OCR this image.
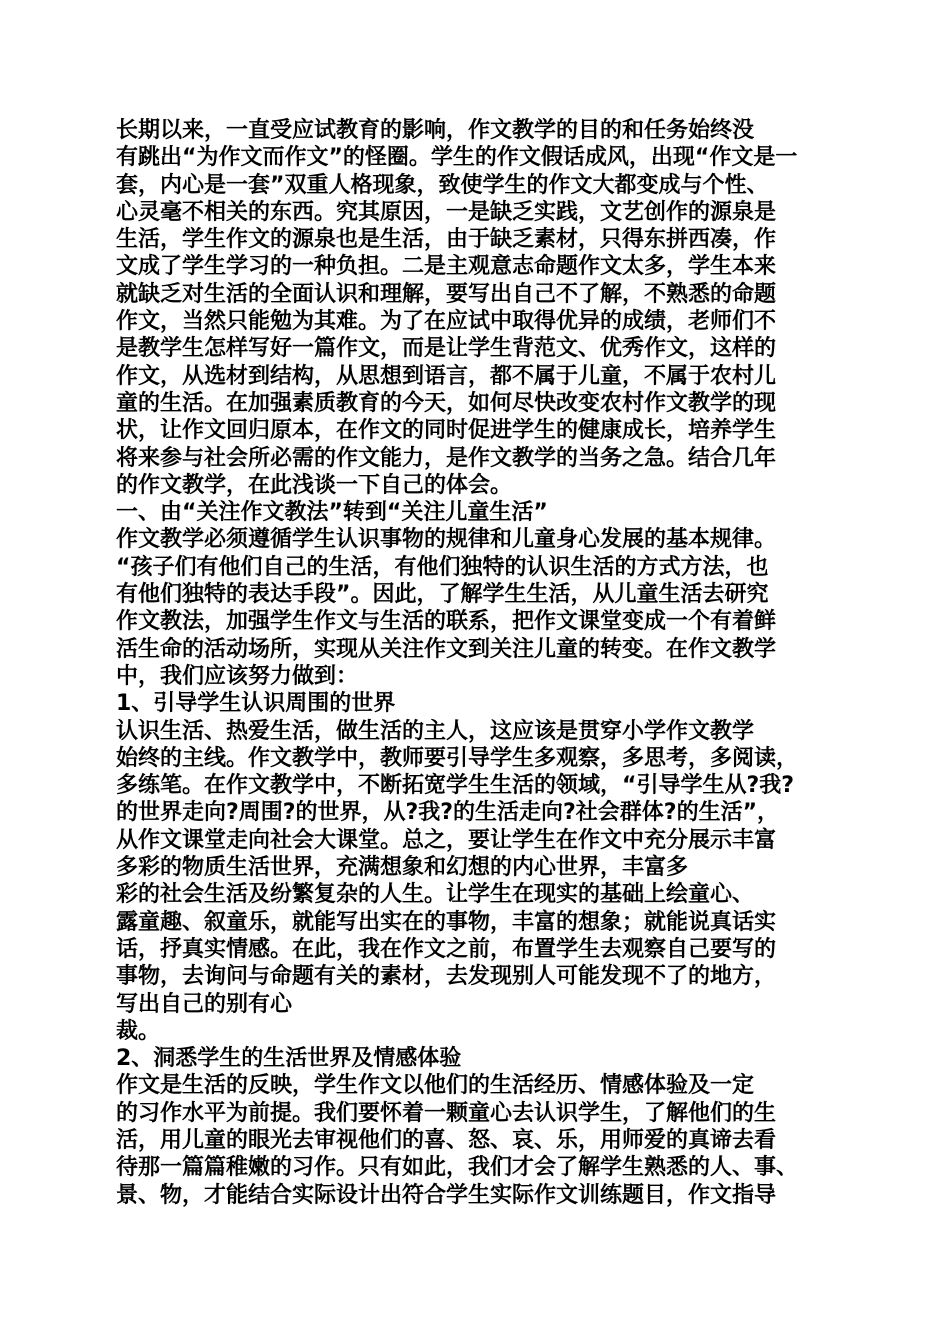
长期以来，一直受应试教育的影响，作文教学的目的和任务始终没
有跳出“为作文而作文”的怪圈。学生的作文假话成风，出现“作文是一
套，内心是一套”双重人格现象，致使学生的作文大都变成与个性、
心灵毫不相关的东西。究其原因，一是缺乏实践，文艺创作的源泉是
生活，学生作文的源泉也是生活，由于缺乏素材，只得东拼西凑，作
文成了学生学习的一种负担。二是主观意志命题作文太多，学生本来
就缺乏对生活的全面认识和理解，要写出自己不了解，不熟悉的命题
作文，当然只能勉为其难。为了在应试中取得优异的成绩，老师们不
是教学生怎样写好一篇作文，而是让学生背范文、优秀作文，这样的
作文，从选材到结构，从思想到语言，都不属于儿童，不属于农村儿
童的生活。在加强素质教育的今天，如何尽快改变农村作文教学的现
状，让作文回归原本，在作文的同时促进学生的健康成长，培养学生
将来参与社会所必需的作文能力，是作文教学的当务之急。结合几年
的作文教学，在此浅谈一下自己的体会。
一、由“关注作文教法”转到“关注儿童生活”
作文教学必须遵循学生认识事物的规律和儿童身心发展的基本规律。
“孩子们有他们自己的生活，有他们独特的认识生活的方式方法，也
有他们独特的表达手段”。因此，了解学生生活，从儿童生活去研究
作文教法，加强学生作文与生活的联系，把作文课堂变成一个有着鲜
活生命的活动场所，实现从关注作文到关注儿童的转变。在作文教学
中，我们应该努力做到：
1、引导学生认识周围的世界
认识生活、热爱生活，做生活的主人，这应该是贯穿小学作文教学
始终的主线。作文教学中，教师要引导学生多观察，多思考，多阅读，
多练笔。在作文教学中，不断拓宽学生生活的领域，“引导学生从?我?
的世界走向?周围?的世界，从?我?的生活走向?社会群体?的生活”，
从作文课堂走向社会大课堂。总之，要让学生在作文中充分展示丰富
多彩的物质生活世界，充满想象和幻想的内心世界，丰富多
彩的社会生活及纷繁复杂的人生。让学生在现实的基础上绘童心、
露童趣、叙童乐，就能写出实在的事物，丰富的想象；就能说真话实
话，抒真实情感。在此，我在作文之前，布置学生去观察自己要写的
事物，去询问与命题有关的素材，去发现别人可能发现不了的地方，
写出自己的别有心
裁。
2、洞悉学生的生活世界及情感体验
作文是生活的反映，学生作文以他们的生活经历、情感体验及一定
的习作水平为前提。我们要怀着一颗童心去认识学生，了解他们的生
活，用儿童的眼光去审视他们的喜、怒、哀、乐，用师爱的真谛去看
待那一篇篇稚嫩的习作。只有如此，我们才会了解学生熟悉的人、事、
景、物，才能结合实际设计出符合学生实际作文训练题目，作文指导
